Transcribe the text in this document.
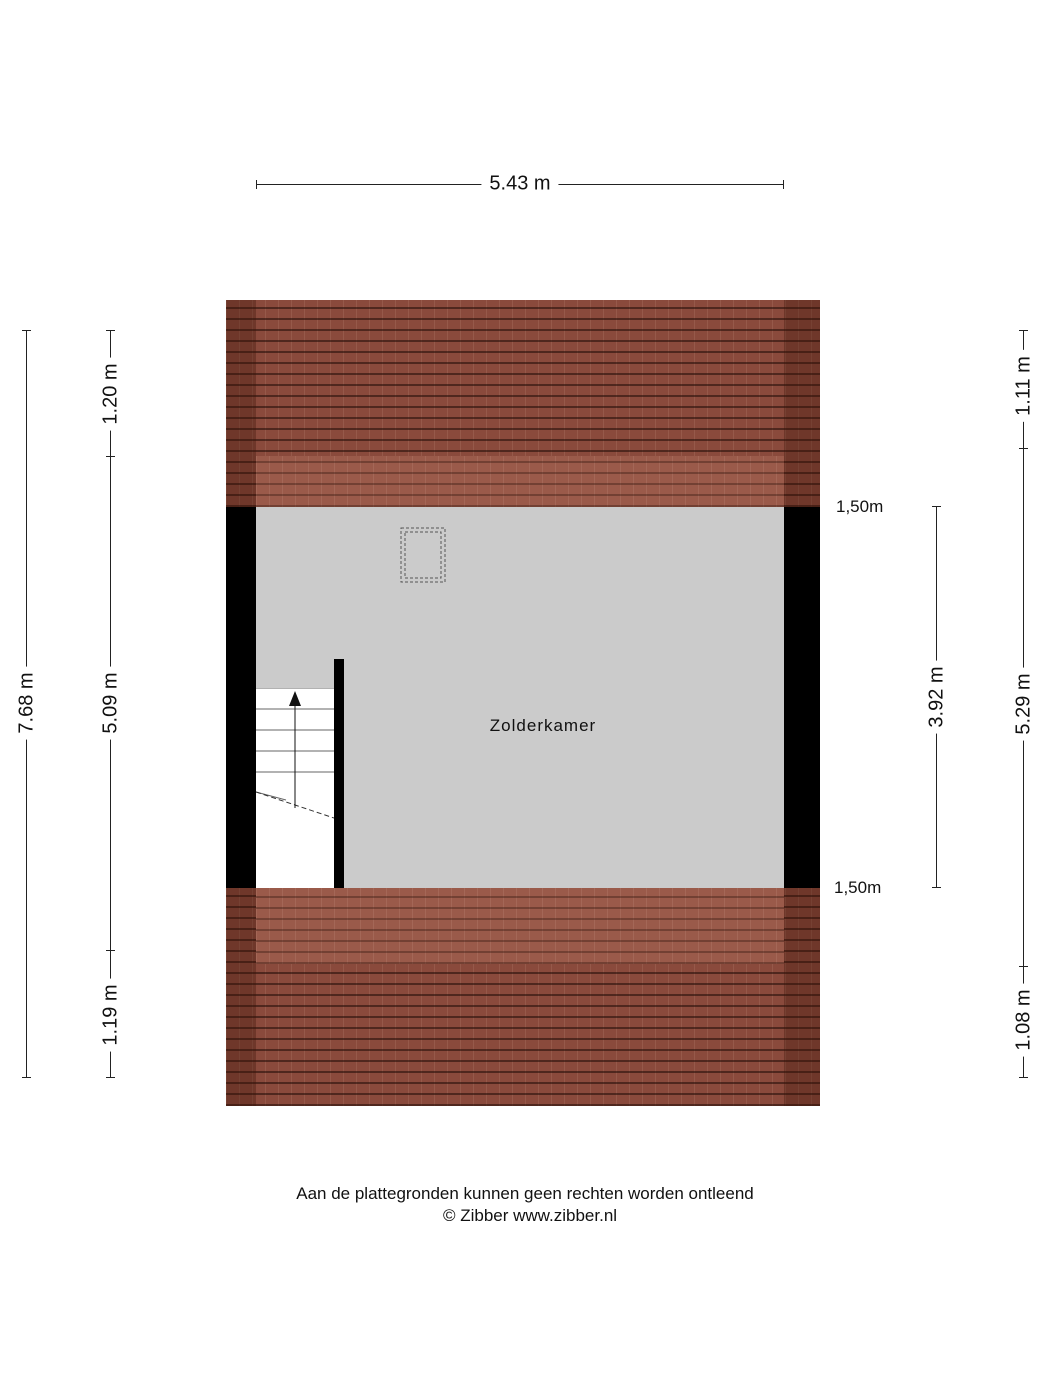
5.43 m
7.68 m
1.20 m
5.09 m
1.19 m
1.11 m
5.29 m
1.08 m
3.92 m
1,50m
1,50m
Zolderkamer
Aan de plattegronden kunnen geen rechten worden ontleend
© Zibber www.zibber.nl
